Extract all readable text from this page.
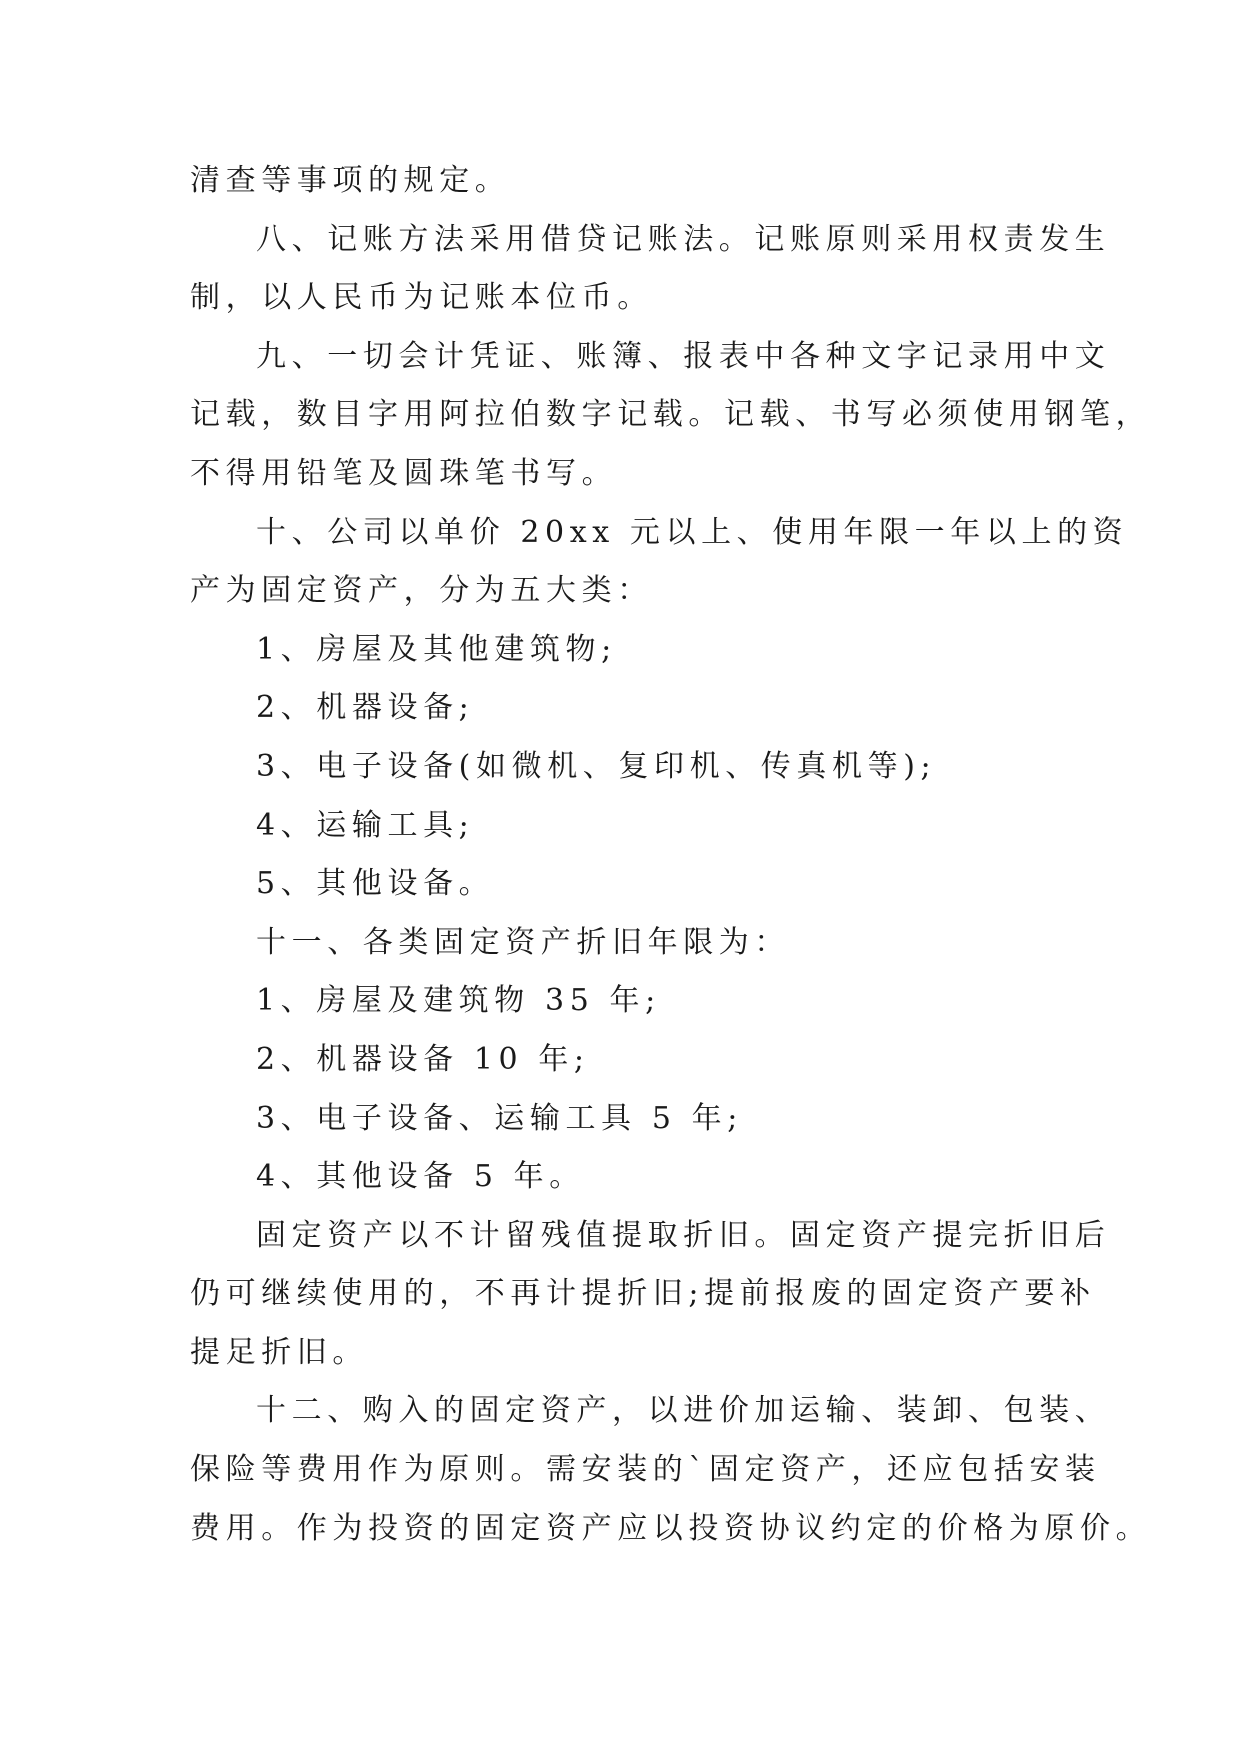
清查等事项的规定。
八、记账方法采用借贷记账法。记账原则采用权责发生
制，以人民币为记账本位币。
九、一切会计凭证、账簿、报表中各种文字记录用中文
记载，数目字用阿拉伯数字记载。记载、书写必须使用钢笔，
不得用铅笔及圆珠笔书写。
十、公司以单价 20xx 元以上、使用年限一年以上的资
产为固定资产，分为五大类：
1、房屋及其他建筑物;
2、机器设备;
3、电子设备(如微机、复印机、传真机等);
4、运输工具;
5、其他设备。
十一、各类固定资产折旧年限为：
1、房屋及建筑物 35 年;
2、机器设备 10 年;
3、电子设备、运输工具 5 年;
4、其他设备 5 年。
固定资产以不计留残值提取折旧。固定资产提完折旧后
仍可继续使用的，不再计提折旧;提前报废的固定资产要补
提足折旧。
十二、购入的固定资产，以进价加运输、装卸、包装、
保险等费用作为原则。需安装的`固定资产，还应包括安装
费用。作为投资的固定资产应以投资协议约定的价格为原价。
